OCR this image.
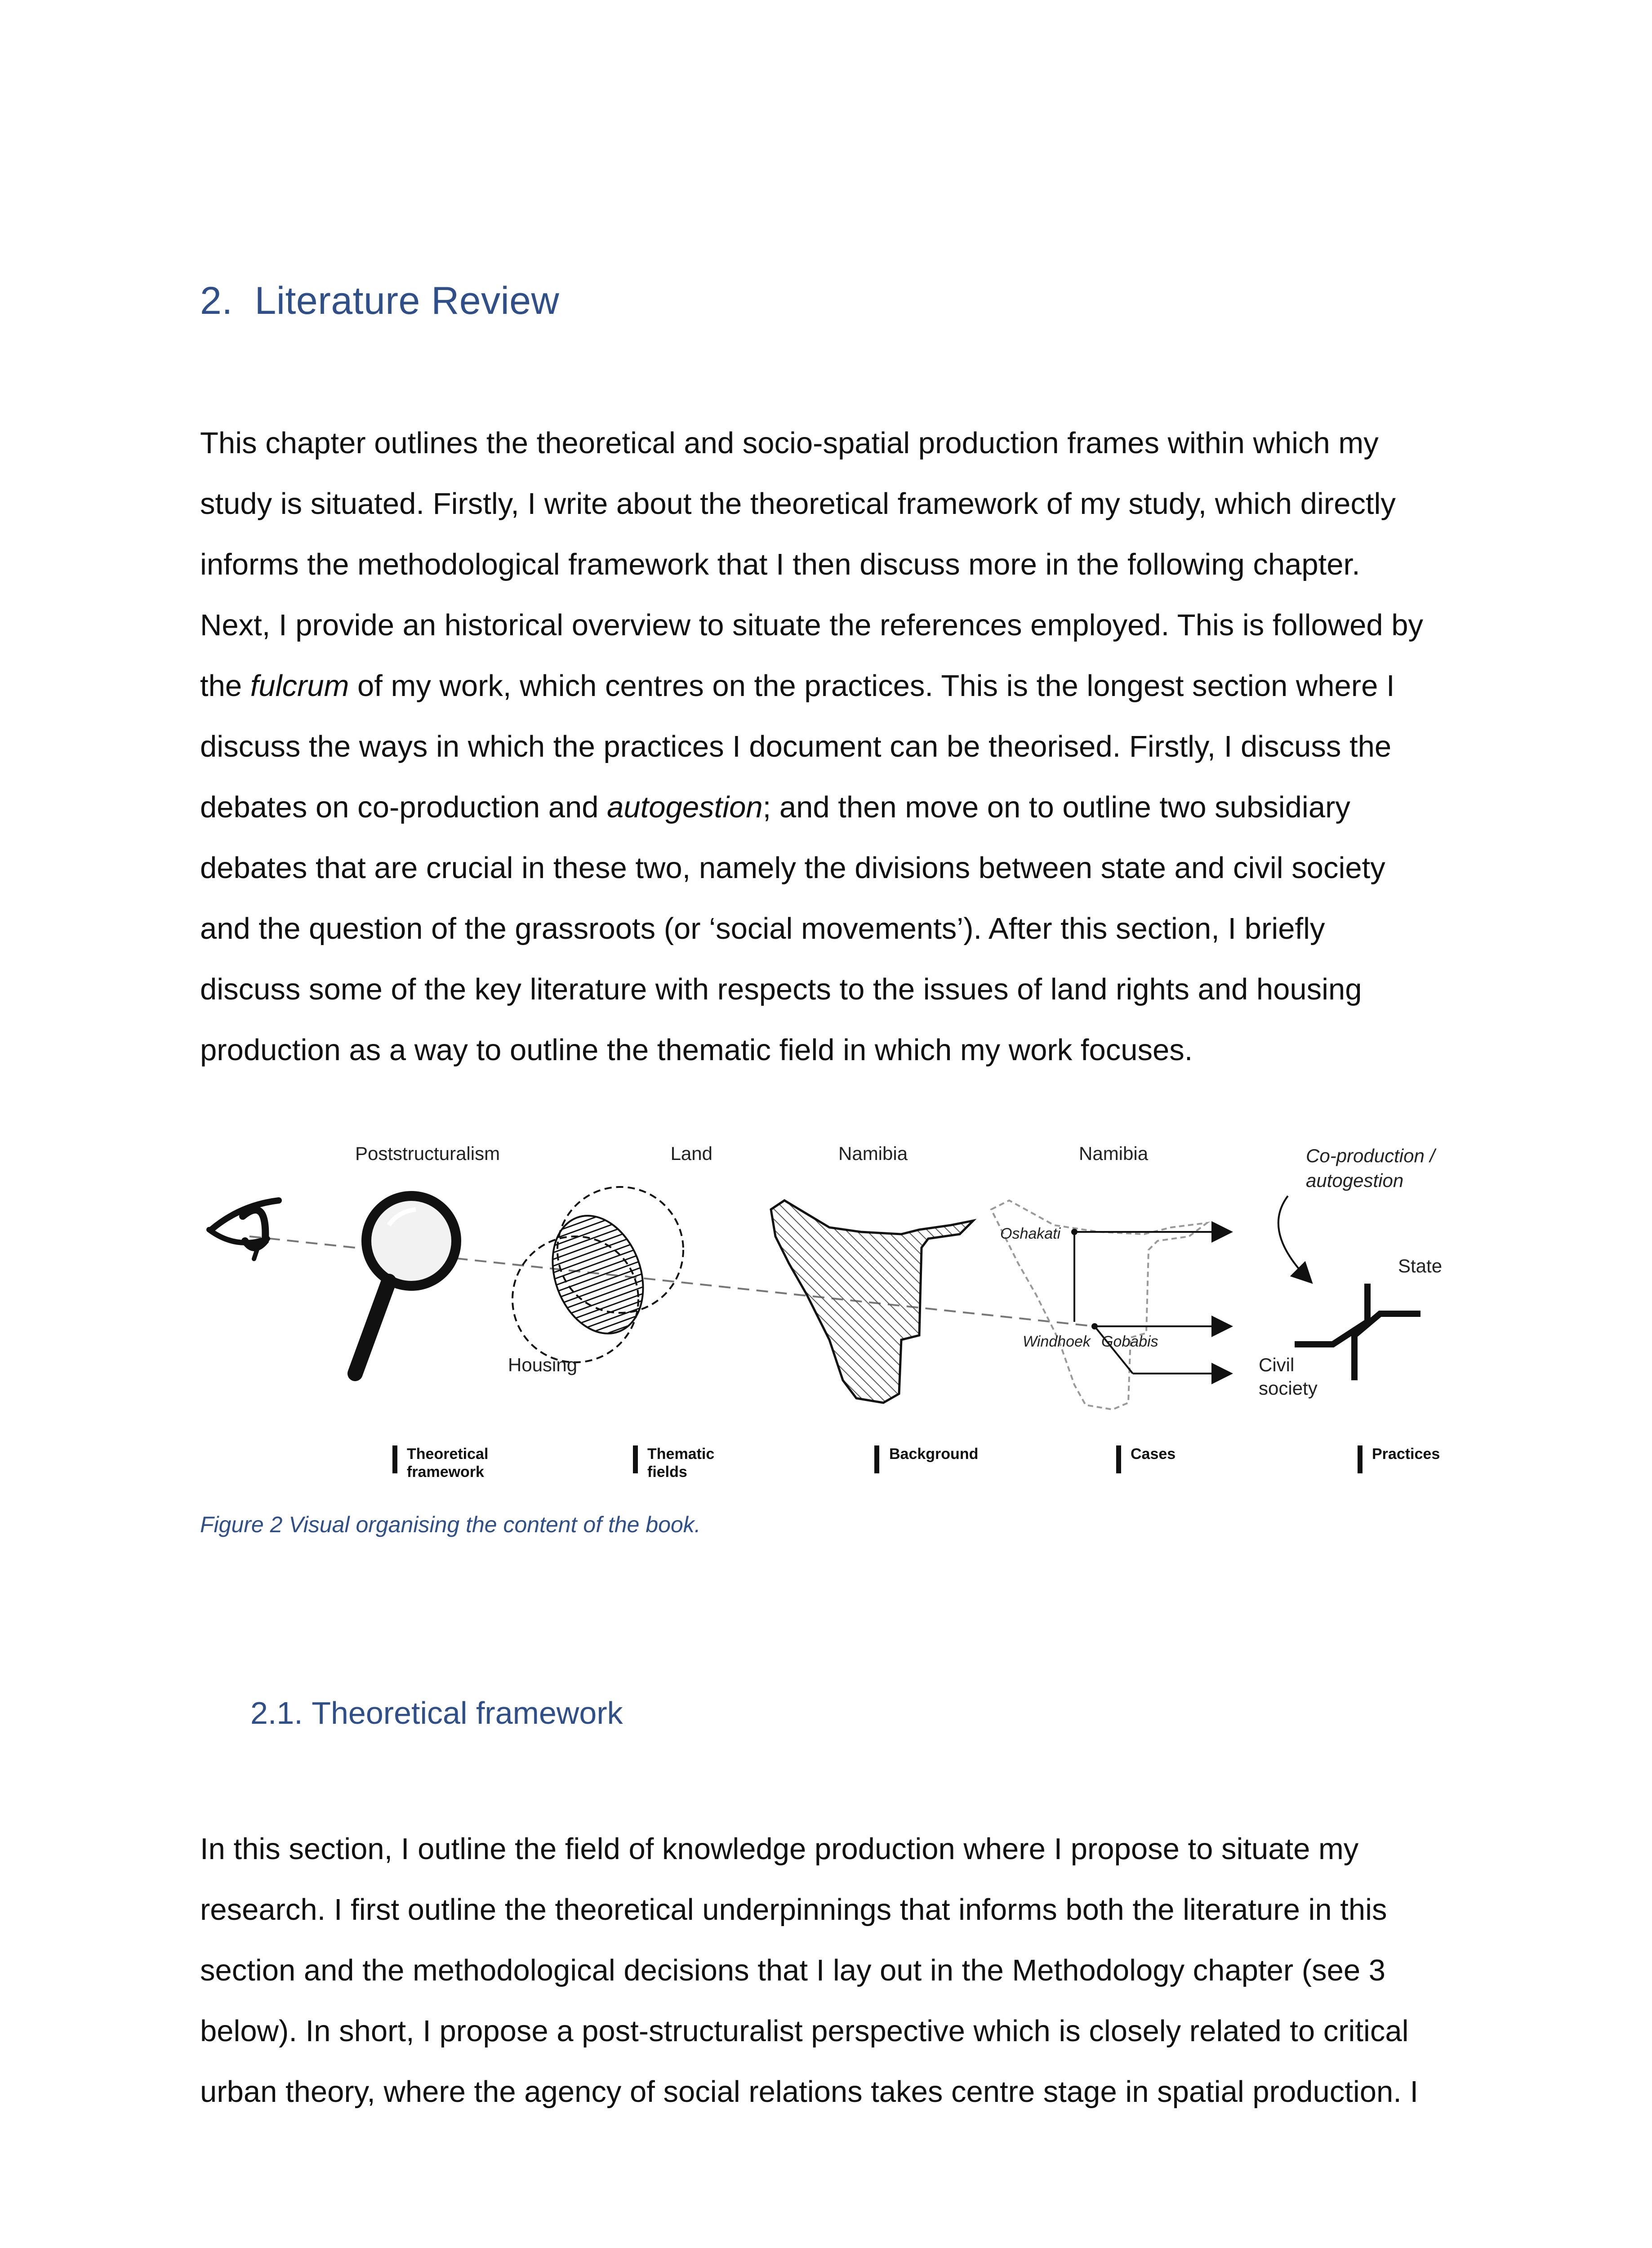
2. Literature Review
This chapter outlines the theoretical and socio-spatial production frames within which my
study is situated. Firstly, I write about the theoretical framework of my study, which directly
informs the methodological framework that I then discuss more in the following chapter.
Next, I provide an historical overview to situate the references employed. This is followed by
the fulcrum of my work, which centres on the practices. This is the longest section where I
discuss the ways in which the practices I document can be theorised. Firstly, I discuss the
debates on co-production and autogestion; and then move on to outline two subsidiary
debates that are crucial in these two, namely the divisions between state and civil society
and the question of the grassroots (or ‘social movements’). After this section, I briefly
discuss some of the key literature with respects to the issues of land rights and housing
production as a way to outline the thematic field in which my work focuses.
Poststructuralism	Land
Housing
Namibia	Namibia
Oshakati
Windhoek Gobabis
Co-production /
autogestion
State
Civil
society
Theoretical
framework
Thematic
fields
Background	Cases	Practices
Figure 2 Visual organising the content of the book.
2.1. Theoretical framework
In this section, I outline the field of knowledge production where I propose to situate my
research. I first outline the theoretical underpinnings that informs both the literature in this
section and the methodological decisions that I lay out in the Methodology chapter (see 3
below). In short, I propose a post-structuralist perspective which is closely related to critical
urban theory, where the agency of social relations takes centre stage in spatial production. I
